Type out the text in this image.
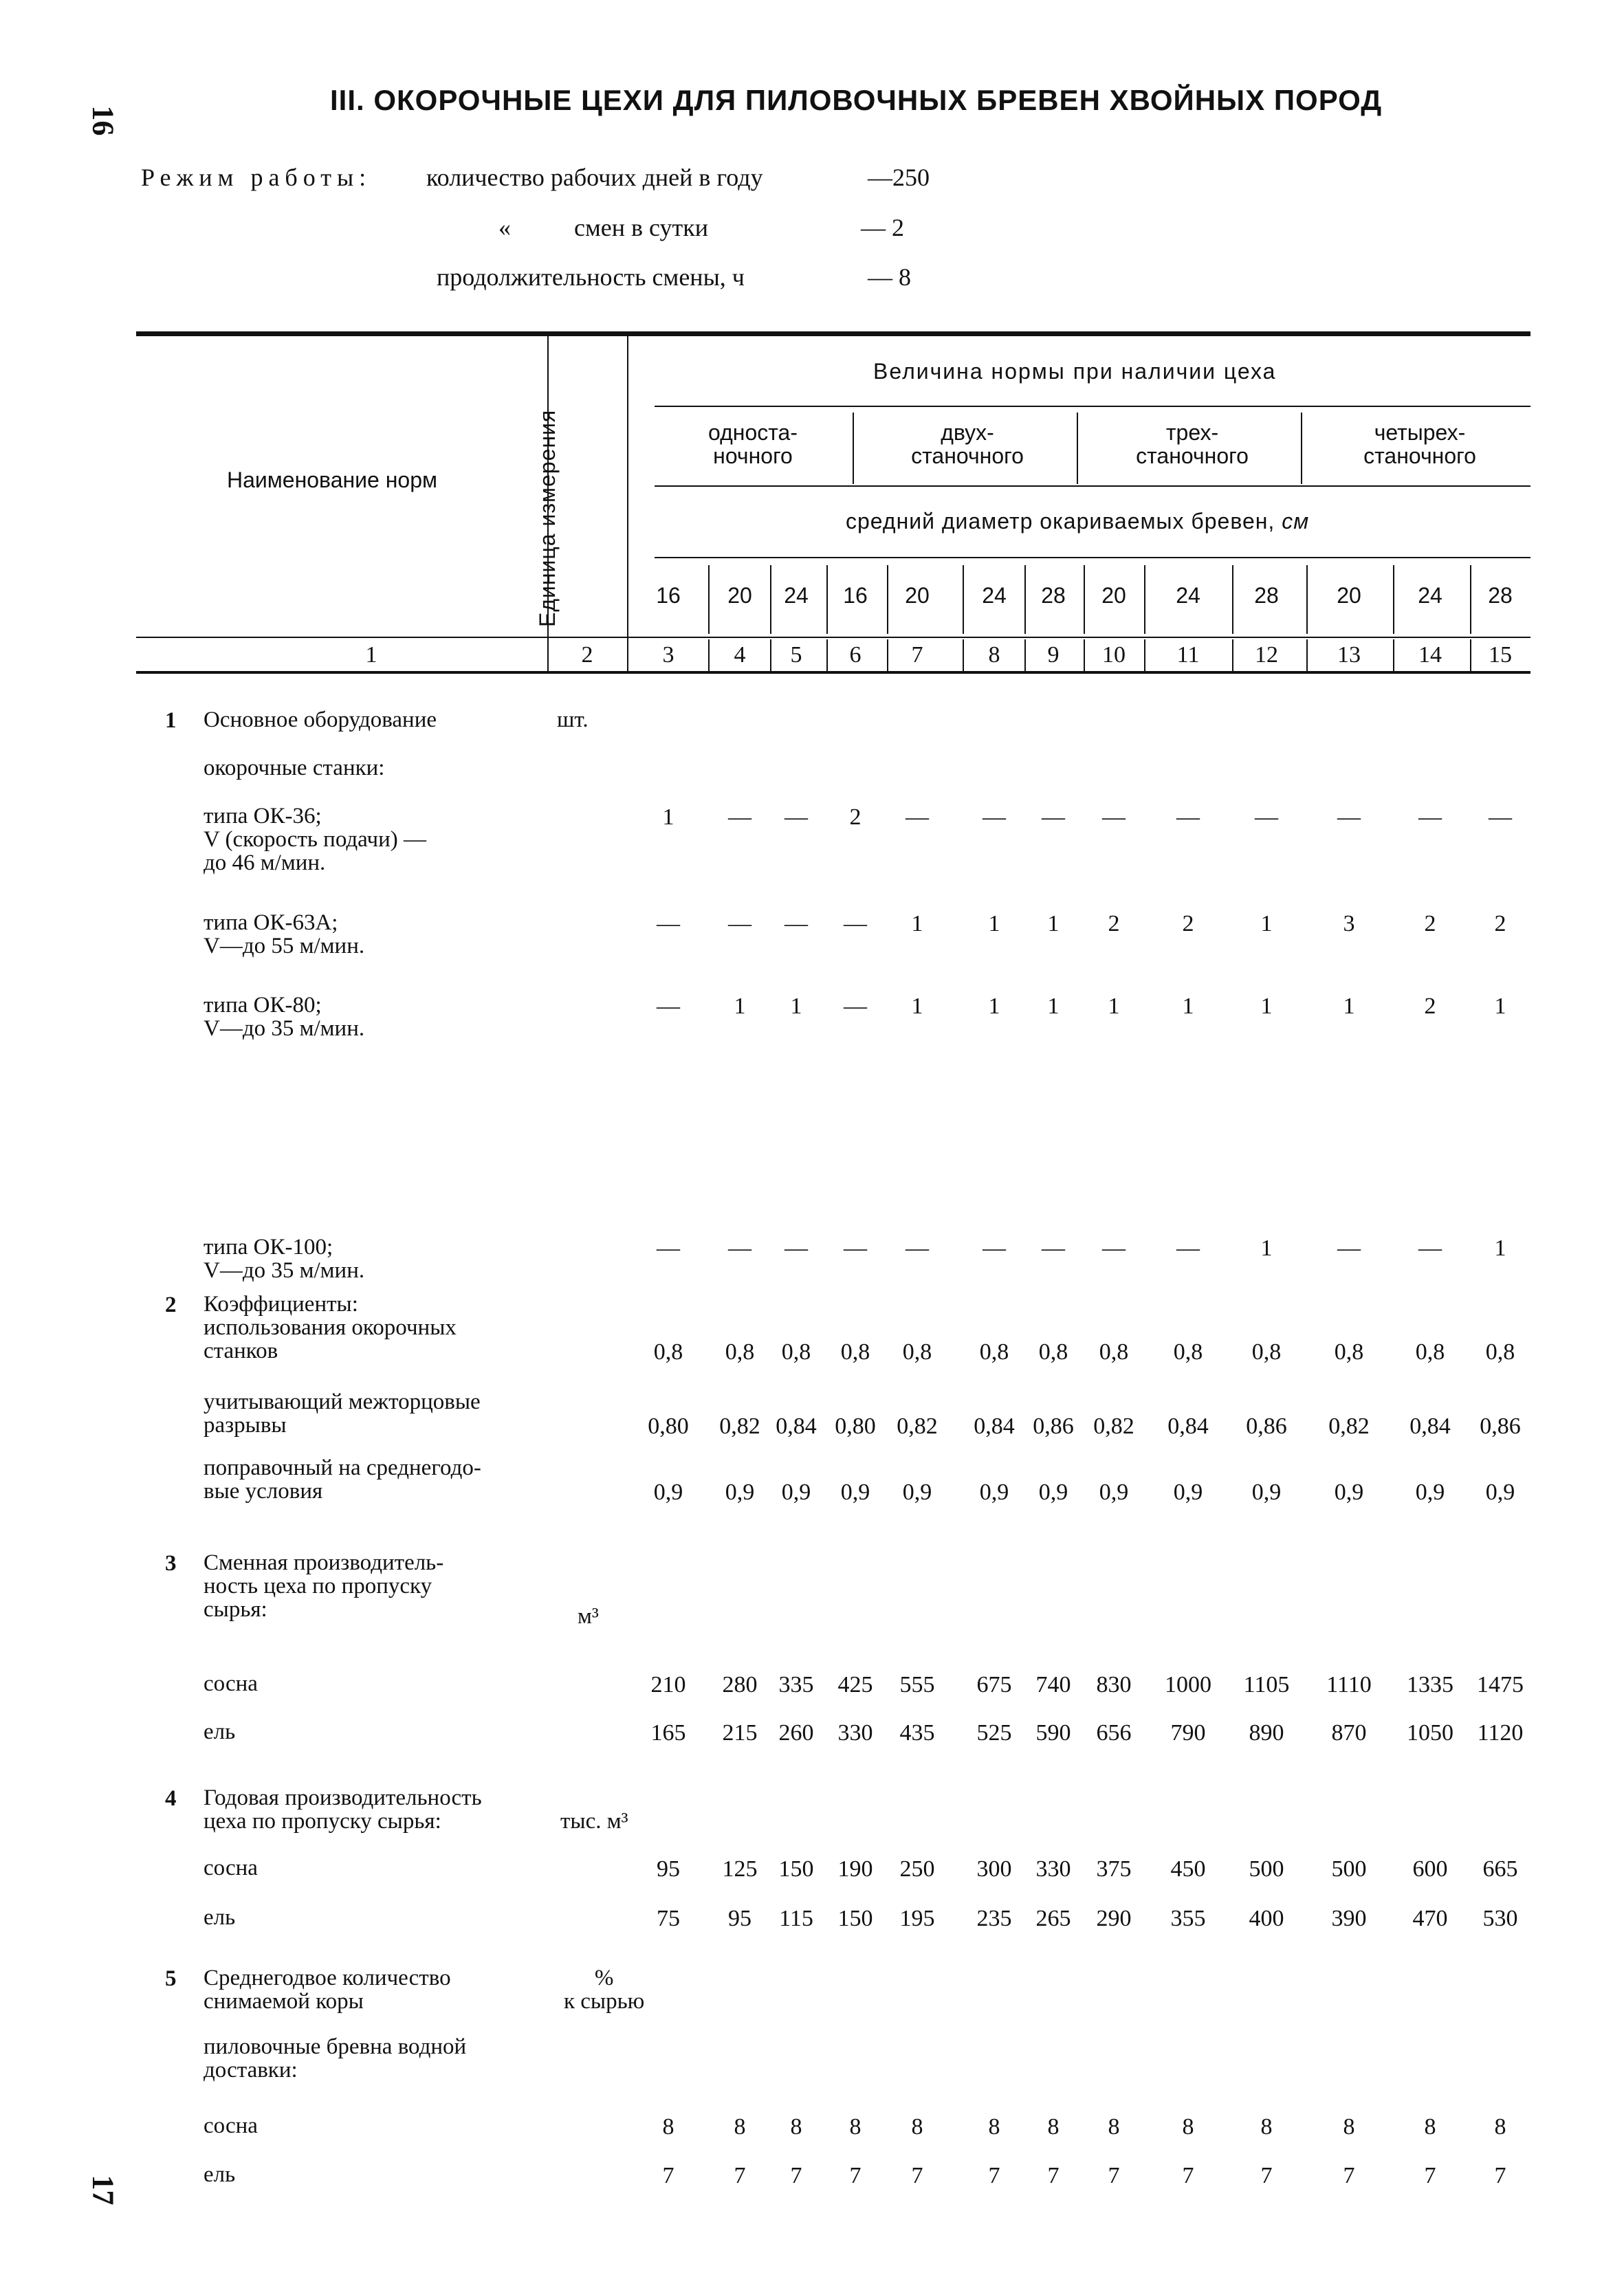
16
17
III. ОКОРОЧНЫЕ ЦЕХИ ДЛЯ ПИЛОВОЧНЫХ БРЕВЕН ХВОЙНЫХ ПОРОД
Режим работы: количество рабочих дней в году	—250
«	смен в сутки	— 2
продолжительность смены, ч	— 8
Наименование норм	Единица измерения
Величина нормы при наличии цеха
односта-
ночного
двух-
станочного
трех-
станочного
четырех-
станочного
средний диаметр окариваемых бревен, см
16	20	24	16	20	24	28	20	24	28	20	24	28
1	2	3	4	5	6	7	8	9	10	11	12	13	14	15
1 Основное оборудование	шт.
окорочные станки:
типа ОК-36;
V (скорость подачи) —
до 46 м/мин.
1	—	—	2	—	—	—	—	—	—	—	—	—
типа ОК-63А;
V—до 55 м/мин.
—	—	—	—	1	1	1	2	2	1	3	2	2
типа ОК-80;
V—до 35 м/мин.
—	1	1	—	1	1	1	1	1	1	1	2	1
типа ОК-100;
V—до 35 м/мин.
—	—	—	—	—	—	—	—	—	1	—	—	1
2 Коэффициенты:
использования окорочных
станков	0,8	0,8	0,8	0,8	0,8	0,8	0,8	0,8	0,8	0,8	0,8	0,8	0,8
учитывающий межторцовые
разрывы	0,80	0,82 0,84 0,80 0,82	0,84 0,86 0,82	0,84	0,86	0,82	0,84	0,86
поправочный на среднегодо-
вые условия	0,9	0,9	0,9	0,9	0,9	0,9	0,9	0,9	0,9	0,9	0,9	0,9	0,9
3 Сменная производитель-
ность цеха по пропуску
сырья:	м³
сосна	210	280 335	425	555	675	740	830	1000	1105	1110	1335	1475
ель	165	215 260	330	435	525	590	656	790	890	870	1050	1120
4 Годовая производительность
цеха по пропуску сырья:	тыс. м³
сосна	95	125 150	190	250	300	330	375	450	500	500	600	665
ель	75	95	115	150	195	235	265	290	355	400	390	470	530
5 Среднегодвое количество
снимаемой коры
%
к сырью
пиловочные бревна водной
доставки:
сосна	8	8	8	8	8	8	8	8	8	8	8	8	8
ель	7	7	7	7	7	7	7	7	7	7	7	7	7
